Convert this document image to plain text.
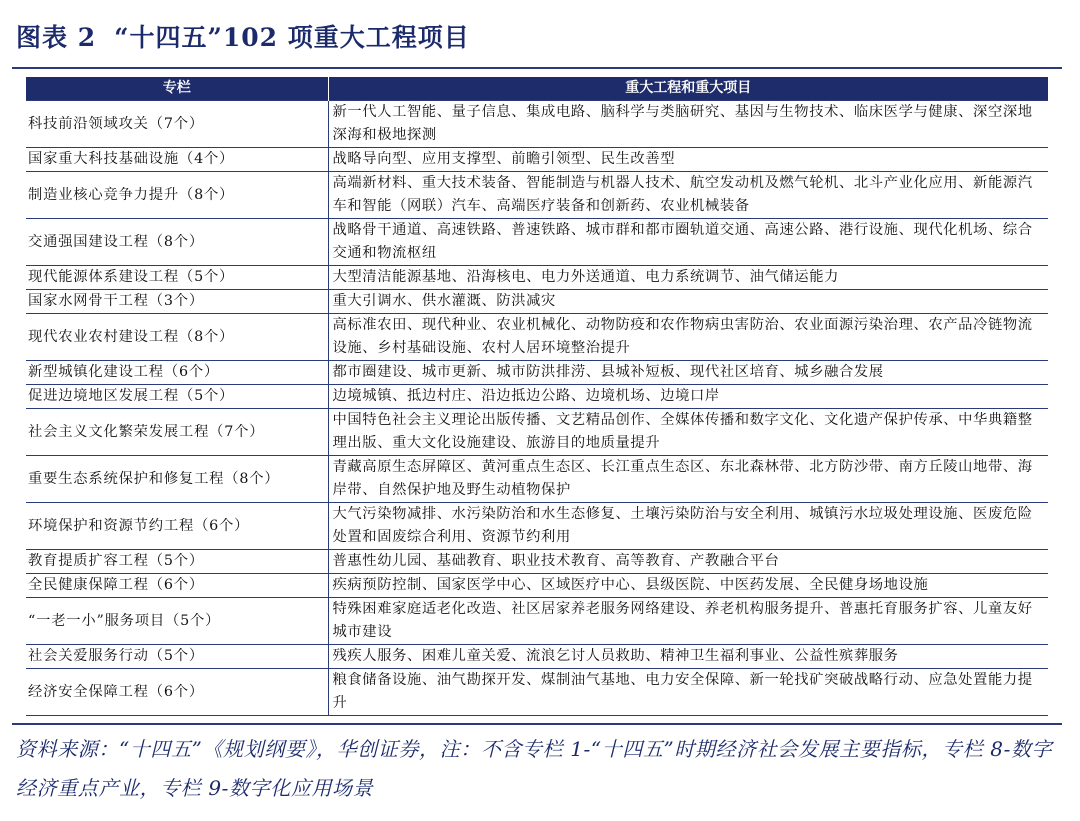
图表 2 “十四五”102 项重大工程项目
专栏	重大工程和重大项目
科技前沿领域攻关（7个）	新一代人工智能、量子信息、集成电路、脑科学与类脑研究、基因与生物技术、临床医学与健康、深空深地深海和极地探测
国家重大科技基础设施（4个）	战略导向型、应用支撑型、前瞻引领型、民生改善型
制造业核心竞争力提升（8个）	高端新材料、重大技术装备、智能制造与机器人技术、航空发动机及燃气轮机、北斗产业化应用、新能源汽车和智能（网联）汽车、高端医疗装备和创新药、农业机械装备
交通强国建设工程（8个）	战略骨干通道、高速铁路、普速铁路、城市群和都市圈轨道交通、高速公路、港行设施、现代化机场、综合交通和物流枢纽
现代能源体系建设工程（5个）	大型清洁能源基地、沿海核电、电力外送通道、电力系统调节、油气储运能力
国家水网骨干工程（3个）	重大引调水、供水灌溉、防洪减灾
现代农业农村建设工程（8个）	高标准农田、现代种业、农业机械化、动物防疫和农作物病虫害防治、农业面源污染治理、农产品冷链物流设施、乡村基础设施、农村人居环境整治提升
新型城镇化建设工程（6个）	都市圈建设、城市更新、城市防洪排涝、县城补短板、现代社区培育、城乡融合发展
促进边境地区发展工程（5个）	边境城镇、抵边村庄、沿边抵边公路、边境机场、边境口岸
社会主义文化繁荣发展工程（7个）	中国特色社会主义理论出版传播、文艺精品创作、全媒体传播和数字文化、文化遗产保护传承、中华典籍整理出版、重大文化设施建设、旅游目的地质量提升
重要生态系统保护和修复工程（8个）	青藏高原生态屏障区、黄河重点生态区、长江重点生态区、东北森林带、北方防沙带、南方丘陵山地带、海岸带、自然保护地及野生动植物保护
环境保护和资源节约工程（6个）	大气污染物减排、水污染防治和水生态修复、土壤污染防治与安全利用、城镇污水垃圾处理设施、医废危险处置和固废综合利用、资源节约利用
教育提质扩容工程（5个）	普惠性幼儿园、基础教育、职业技术教育、高等教育、产教融合平台
全民健康保障工程（6个）	疾病预防控制、国家医学中心、区域医疗中心、县级医院、中医药发展、全民健身场地设施
“一老一小”服务项目（5个）	特殊困难家庭适老化改造、社区居家养老服务网络建设、养老机构服务提升、普惠托育服务扩容、儿童友好城市建设
社会关爱服务行动（5个）	残疾人服务、困难儿童关爱、流浪乞讨人员救助、精神卫生福利事业、公益性殡葬服务
经济安全保障工程（6个）	粮食储备设施、油气勘探开发、煤制油气基地、电力安全保障、新一轮找矿突破战略行动、应急处置能力提升
资料来源：“十四五”《规划纲要》，华创证券，注：不含专栏 1-“十四五”时期经济社会发展主要指标，专栏 8-数字经济重点产业，专栏 9-数字化应用场景
